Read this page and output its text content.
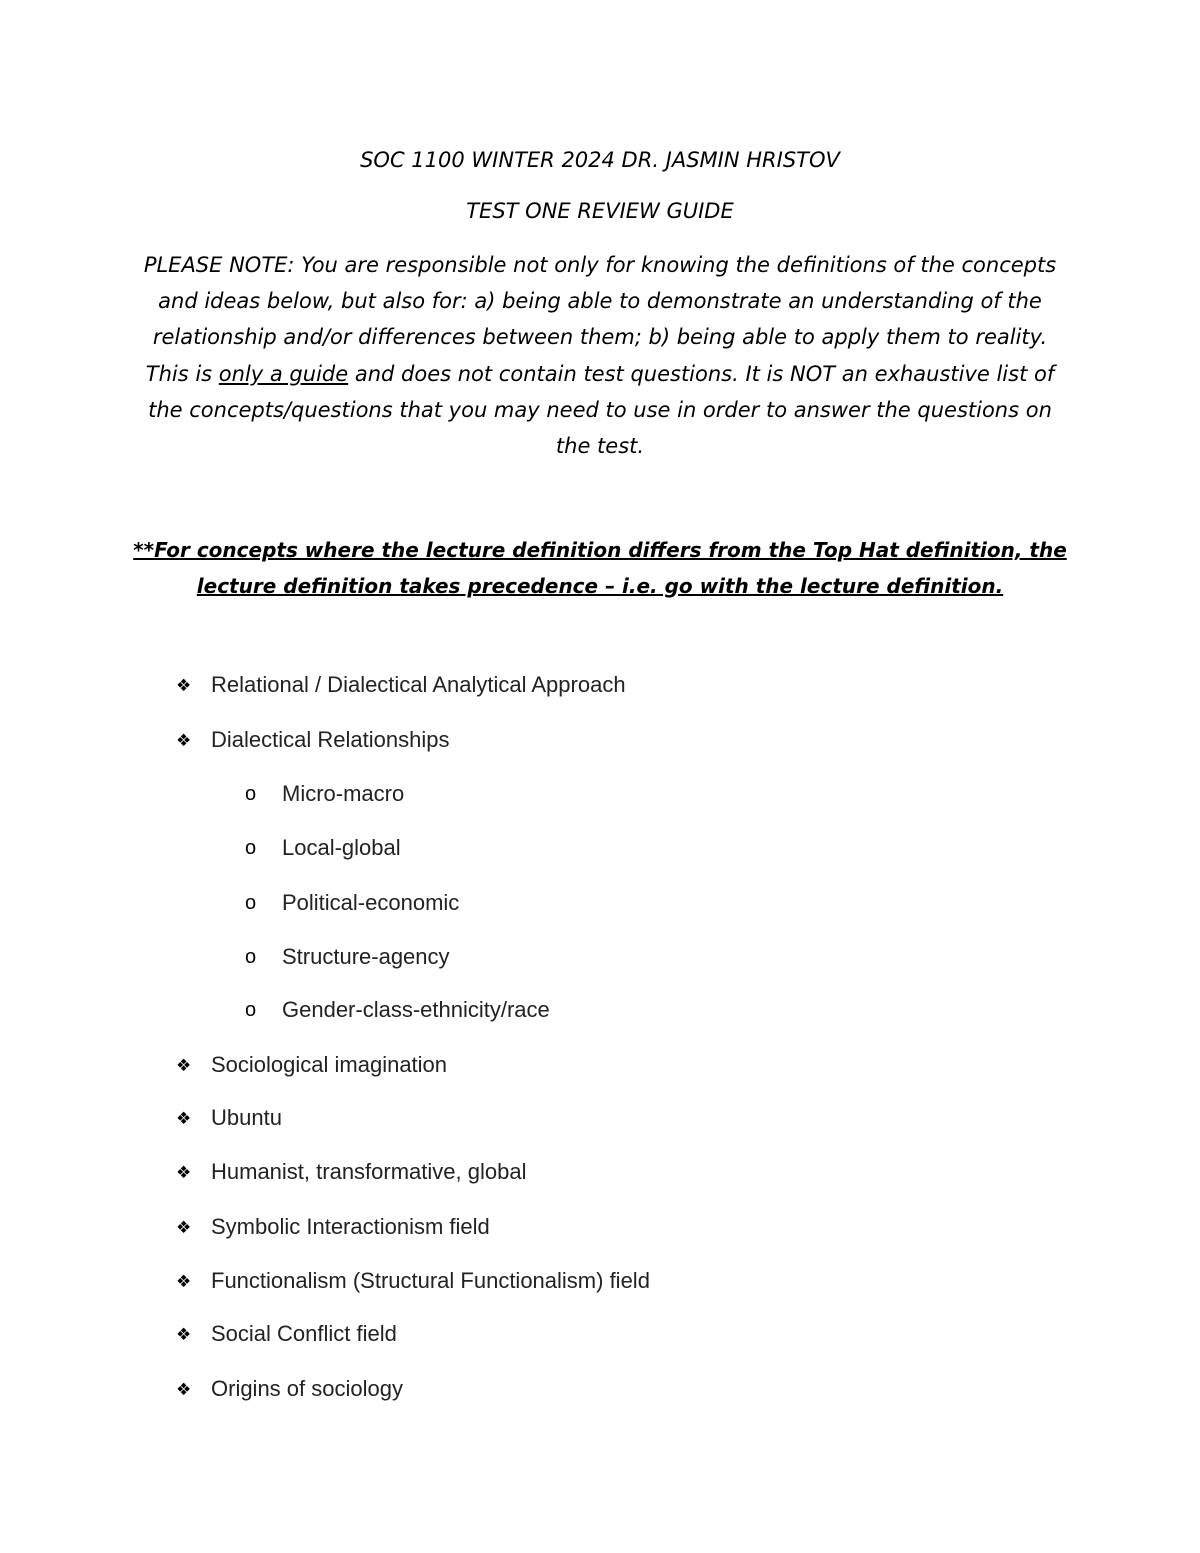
SOC 1100 WINTER 2024 DR. JASMIN HRISTOV
TEST ONE REVIEW GUIDE
PLEASE NOTE: You are responsible not only for knowing the definitions of the concepts and ideas below, but also for: a) being able to demonstrate an understanding of the relationship and/or differences between them; b) being able to apply them to reality. This is only a guide and does not contain test questions. It is NOT an exhaustive list of the concepts/questions that you may need to use in order to answer the questions on the test.
**For concepts where the lecture definition differs from the Top Hat definition, the lecture definition takes precedence – i.e. go with the lecture definition.
❖ Relational / Dialectical Analytical Approach
❖ Dialectical Relationships
o Micro-macro
o Local-global
o Political-economic
o Structure-agency
o Gender-class-ethnicity/race
❖ Sociological imagination
❖ Ubuntu
❖ Humanist, transformative, global
❖ Symbolic Interactionism field
❖ Functionalism (Structural Functionalism) field
❖ Social Conflict field
❖ Origins of sociology
